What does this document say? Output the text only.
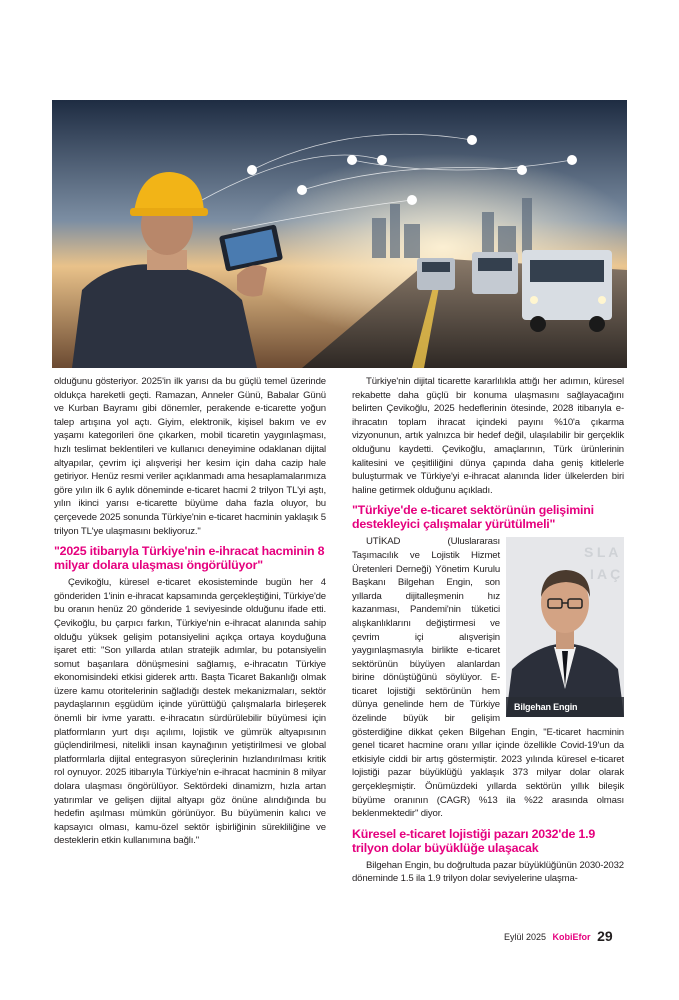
olduğunu gösteriyor. 2025'in ilk yarısı da bu güçlü temel üzerinde oldukça hareketli geçti. Ramazan, Anneler Günü, Babalar Günü ve Kurban Bayramı gibi dönemler, perakende e-ticarette yoğun talep artışına yol açtı. Giyim, elektronik, kişisel bakım ve ev yaşamı kategorileri öne çıkarken, mobil ticaretin yaygınlaşması, hızlı teslimat beklentileri ve kullanıcı deneyimine odaklanan dijital altyapılar, çevrim içi alışverişi her kesim için daha cazip hale getiriyor. Henüz resmi veriler açıklanmadı ama hesaplamalarımıza göre yılın ilk 6 aylık döneminde e-ticaret hacmi 2 trilyon TL'yi aştı, yılın ikinci yarısı e-ticarette büyüme daha fazla oluyor, bu çerçevede 2025 sonunda Türkiye'nin e-ticaret hacminin yaklaşık 5 trilyon TL'ye ulaşmasını bekliyoruz."

"2025 itibarıyla Türkiye'nin e-ihracat hacminin 8 milyar dolara ulaşması öngörülüyor"

Çevikoğlu, küresel e-ticaret ekosisteminde bugün her 4 gönderiden 1'inin e-ihracat kapsamında gerçekleştiğini, Türkiye'de bu oranın henüz 20 gönderide 1 seviyesinde olduğunu ifade etti. Çevikoğlu, bu çarpıcı farkın, Türkiye'nin e-ihracat alanında sahip olduğu yüksek gelişim potansiyelini açıkça ortaya koyduğuna işaret etti: "Son yıllarda atılan stratejik adımlar, bu potansiyelin somut başarılara dönüşmesini sağlamış, e-ihracatın Türkiye ekonomisindeki etkisi giderek arttı. Başta Ticaret Bakanlığı olmak üzere kamu otoritelerinin sağladığı destek mekanizmaları, sektör paydaşlarının eşgüdüm içinde yürüttüğü çalışmalarla birleşerek önemli bir ivme yarattı. e-ihracatın sürdürülebilir büyümesi için platformların yurt dışı açılımı, lojistik ve gümrük altyapısının güçlendirilmesi, nitelikli insan kaynağının yetiştirilmesi ve global platformlarla dijital entegrasyon süreçlerinin hızlandırılması kritik rol oynuyor. 2025 itibarıyla Türkiye'nin e-ihracat hacminin 8 milyar dolara ulaşması öngörülüyor. Sektördeki dinamizm, hızla artan yatırımlar ve gelişen dijital altyapı göz önüne alındığında bu hedefin aşılması mümkün görünüyor. Bu büyümenin kalıcı ve kapsayıcı olması, kamu-özel sektör işbirliğinin sürekliliğine ve desteklerin etkin kullanımına bağlı."

Türkiye'nin dijital ticarette kararlılıkla attığı her adımın, küresel rekabette daha güçlü bir konuma ulaşmasını sağlayacağını belirten Çevikoğlu, 2025 hedeflerinin ötesinde, 2028 itibarıyla e-ihracatın toplam ihracat içindeki payını %10'a çıkarma vizyonunun, artık yalnızca bir hedef değil, ulaşılabilir bir gerçeklik olduğunu kaydetti. Çevikoğlu, amaçlarının, Türk ürünlerinin kalitesini ve çeşitliliğini dünya çapında daha geniş kitlelerle buluşturmak ve Türkiye'yi e-ihracat alanında lider ülkelerden biri haline getirmek olduğunu açıkladı.

"Türkiye'de e-ticaret sektörünün gelişimini destekleyici çalışmalar yürütülmeli"
S L A
I A Ç
Bilgehan Engin

UTİKAD (Uluslararası Taşımacılık ve Lojistik Hizmet Üretenleri Derneği) Yönetim Kurulu Başkanı Bilgehan Engin, son yıllarda dijitalleşmenin hız kazanması, Pandemi'nin tüketici alışkanlıklarını değiştirmesi ve çevrim içi alışverişin yaygınlaşmasıyla birlikte e-ticaret sektörünün büyüyen alanlardan birine dönüştüğünü söylüyor. E-ticaret lojistiği sektörünün hem dünya genelinde hem de Türkiye özelinde büyük bir gelişim gösterdiğine dikkat çeken Bilgehan Engin, "E-ticaret hacminin genel ticaret hacmine oranı yıllar içinde özellikle Covid-19'un da etkisiyle ciddi bir artış göstermiştir. 2023 yılında küresel e-ticaret lojistiği pazar büyüklüğü yaklaşık 373 milyar dolar olarak gerçekleşmiştir. Önümüzdeki yıllarda sektörün yıllık bileşik büyüme oranının (CAGR) %13 ila %22 arasında olması beklenmektedir" diyor.

Küresel e-ticaret lojistiği pazarı 2032'de 1.9 trilyon dolar büyüklüğe ulaşacak

Bilgehan Engin, bu doğrultuda pazar büyüklüğünün 2030-2032 döneminde 1.5 ila 1.9 trilyon dolar seviyelerine ulaşma-

Eylül 2025 KobiEfor 29
